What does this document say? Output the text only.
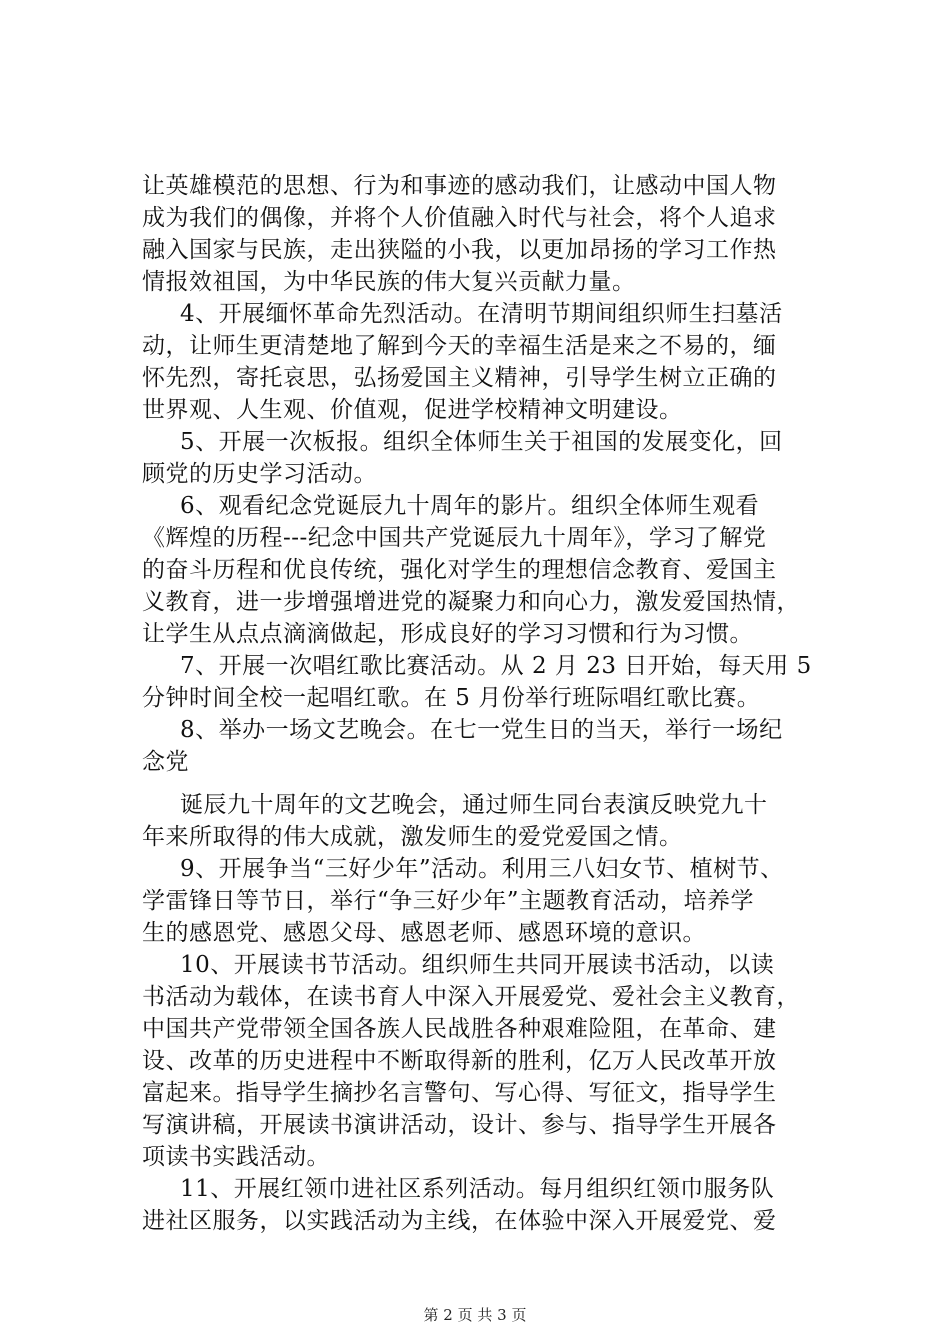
让英雄模范的思想、行为和事迹的感动我们，让感动中国人物
成为我们的偶像，并将个人价值融入时代与社会，将个人追求
融入国家与民族，走出狭隘的小我，以更加昂扬的学习工作热
情报效祖国，为中华民族的伟大复兴贡献力量。
4、开展缅怀革命先烈活动。在清明节期间组织师生扫墓活
动，让师生更清楚地了解到今天的幸福生活是来之不易的，缅
怀先烈，寄托哀思，弘扬爱国主义精神，引导学生树立正确的
世界观、人生观、价值观，促进学校精神文明建设。
5、开展一次板报。组织全体师生关于祖国的发展变化，回
顾党的历史学习活动。
6、观看纪念党诞辰九十周年的影片。组织全体师生观看
《辉煌的历程---纪念中国共产党诞辰九十周年》，学习了解党
的奋斗历程和优良传统，强化对学生的理想信念教育、爱国主
义教育，进一步增强增进党的凝聚力和向心力，激发爱国热情，
让学生从点点滴滴做起，形成良好的学习习惯和行为习惯。
7、开展一次唱红歌比赛活动。从 2 月 23 日开始，每天用 5
分钟时间全校一起唱红歌。在 5 月份举行班际唱红歌比赛。
8、举办一场文艺晚会。在七一党生日的当天，举行一场纪
念党
诞辰九十周年的文艺晚会，通过师生同台表演反映党九十
年来所取得的伟大成就，激发师生的爱党爱国之情。
9、开展争当“三好少年”活动。利用三八妇女节、植树节、
学雷锋日等节日，举行“争三好少年”主题教育活动，培养学
生的感恩党、感恩父母、感恩老师、感恩环境的意识。
10、开展读书节活动。组织师生共同开展读书活动，以读
书活动为载体，在读书育人中深入开展爱党、爱社会主义教育，
中国共产党带领全国各族人民战胜各种艰难险阻，在革命、建
设、改革的历史进程中不断取得新的胜利，亿万人民改革开放
富起来。指导学生摘抄名言警句、写心得、写征文，指导学生
写演讲稿，开展读书演讲活动，设计、参与、指导学生开展各
项读书实践活动。
11、开展红领巾进社区系列活动。每月组织红领巾服务队
进社区服务，以实践活动为主线，在体验中深入开展爱党、爱
第 2 页 共 3 页
